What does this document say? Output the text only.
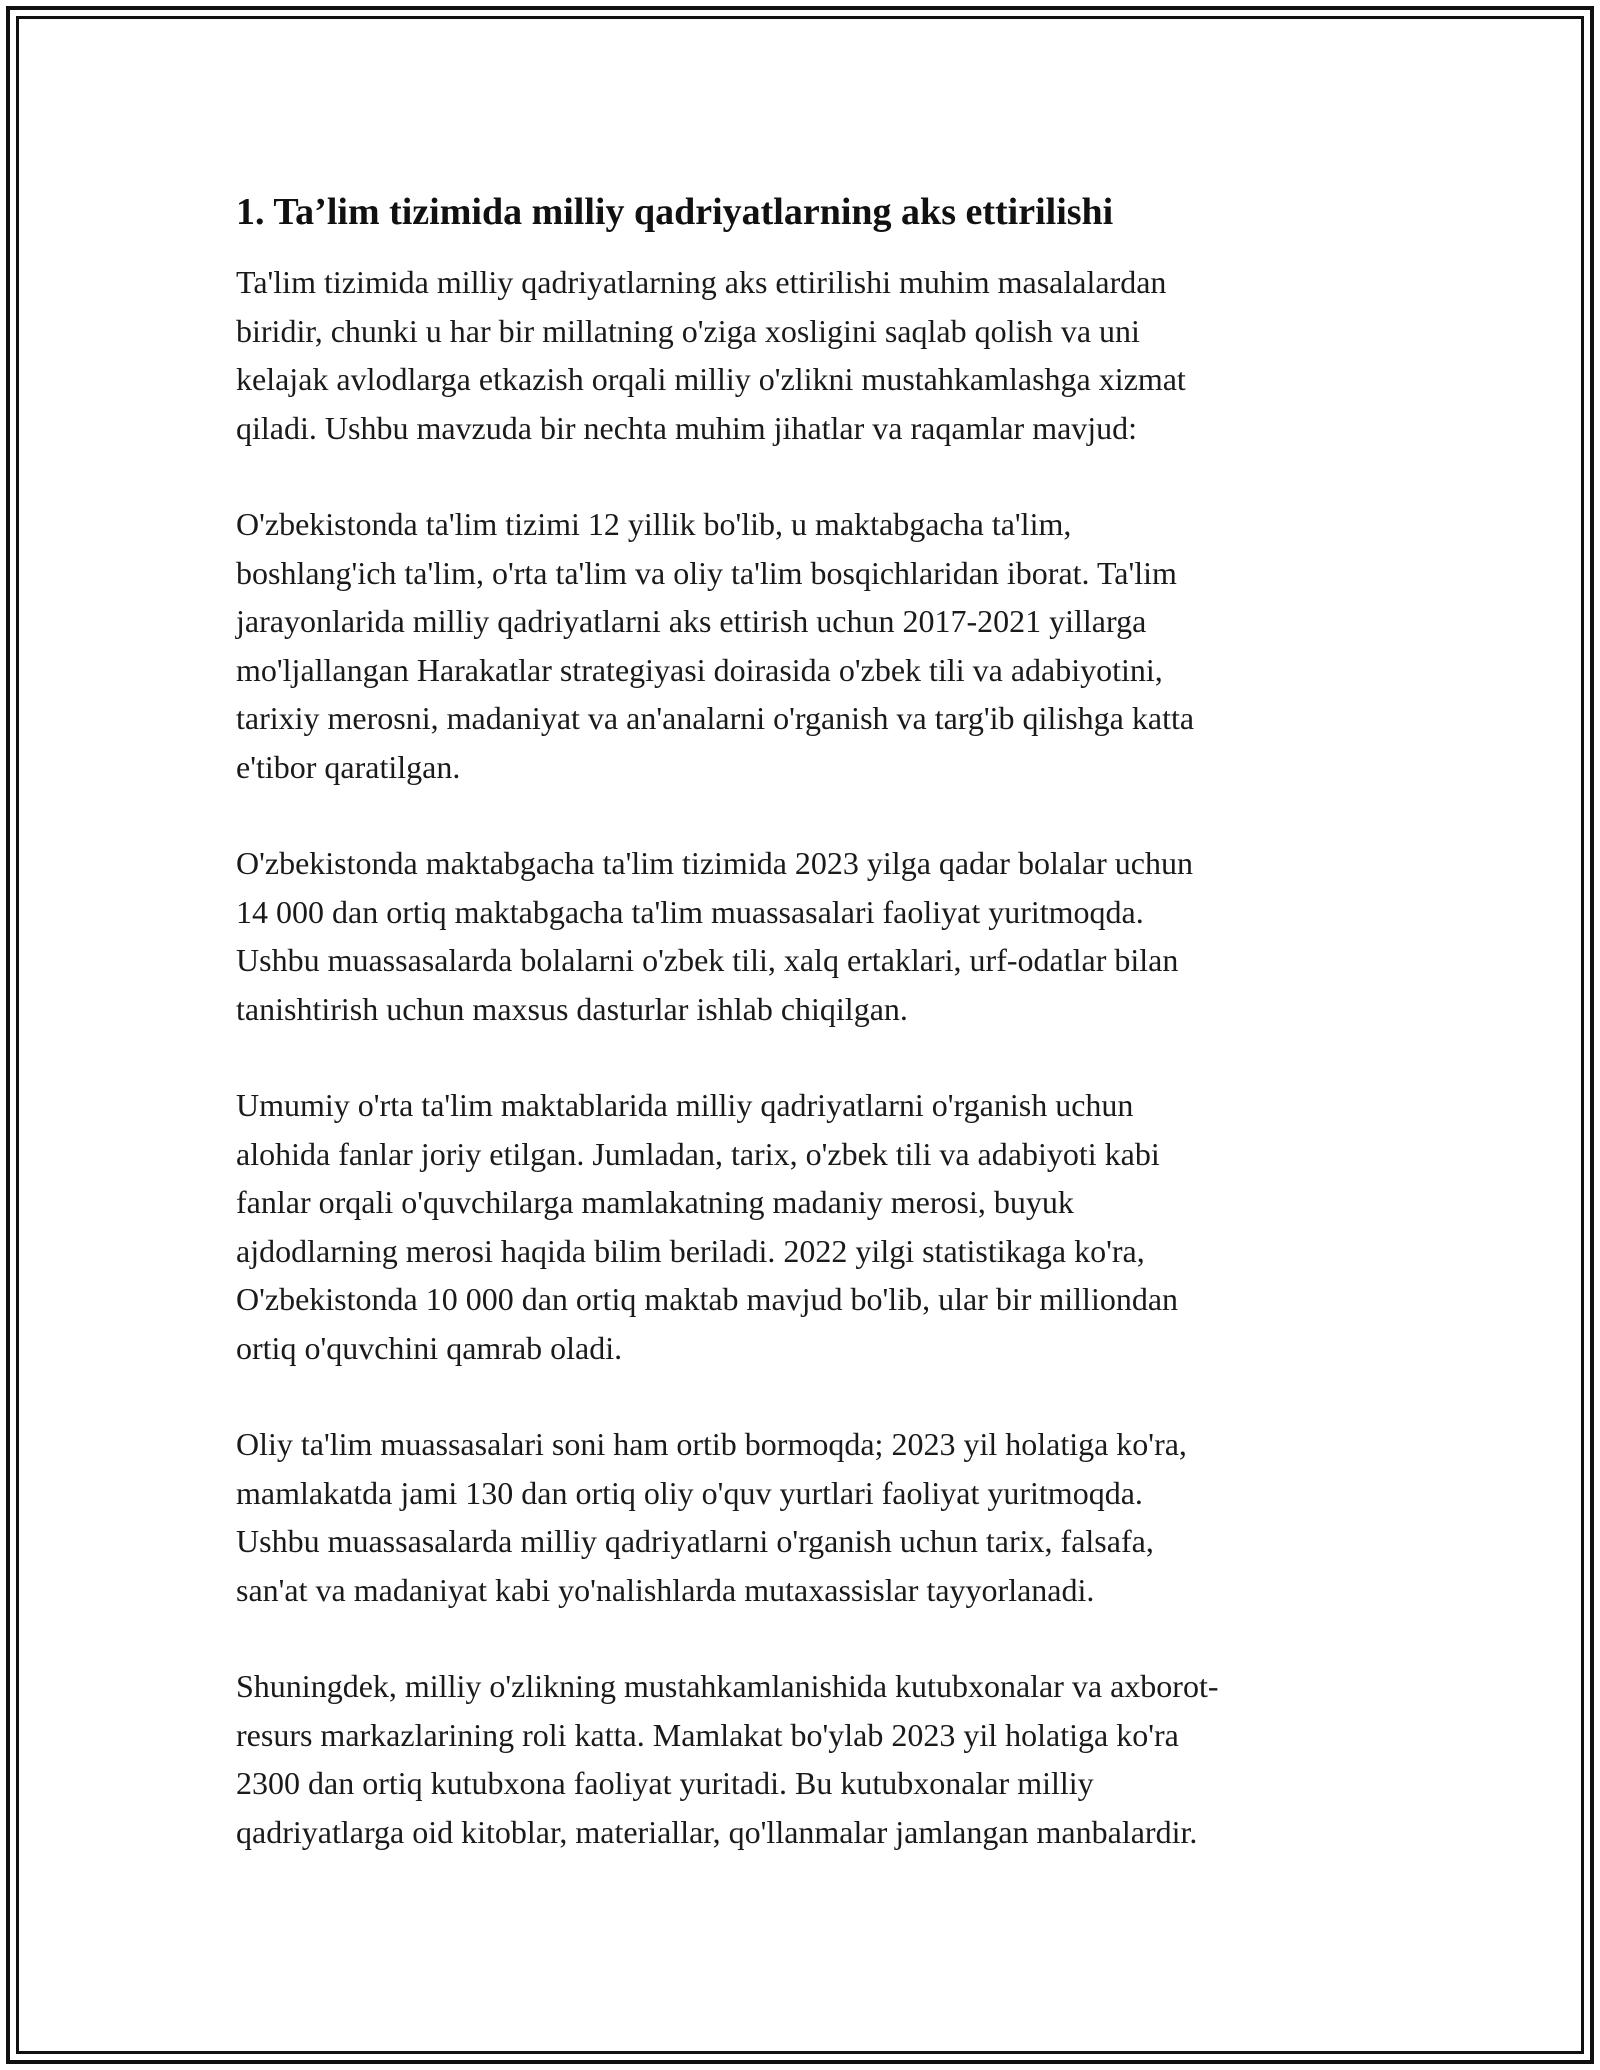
1. Ta’lim tizimida milliy qadriyatlarning aks ettirilishi

Ta'lim tizimida milliy qadriyatlarning aks ettirilishi muhim masalalardan
biridir, chunki u har bir millatning o'ziga xosligini saqlab qolish va uni
kelajak avlodlarga etkazish orqali milliy o'zlikni mustahkamlashga xizmat
qiladi. Ushbu mavzuda bir nechta muhim jihatlar va raqamlar mavjud:

O'zbekistonda ta'lim tizimi 12 yillik bo'lib, u maktabgacha ta'lim,
boshlang'ich ta'lim, o'rta ta'lim va oliy ta'lim bosqichlaridan iborat. Ta'lim
jarayonlarida milliy qadriyatlarni aks ettirish uchun 2017-2021 yillarga
mo'ljallangan Harakatlar strategiyasi doirasida o'zbek tili va adabiyotini,
tarixiy merosni, madaniyat va an'analarni o'rganish va targ'ib qilishga katta
e'tibor qaratilgan.

O'zbekistonda maktabgacha ta'lim tizimida 2023 yilga qadar bolalar uchun
14 000 dan ortiq maktabgacha ta'lim muassasalari faoliyat yuritmoqda.
Ushbu muassasalarda bolalarni o'zbek tili, xalq ertaklari, urf-odatlar bilan
tanishtirish uchun maxsus dasturlar ishlab chiqilgan.

Umumiy o'rta ta'lim maktablarida milliy qadriyatlarni o'rganish uchun
alohida fanlar joriy etilgan. Jumladan, tarix, o'zbek tili va adabiyoti kabi
fanlar orqali o'quvchilarga mamlakatning madaniy merosi, buyuk
ajdodlarning merosi haqida bilim beriladi. 2022 yilgi statistikaga ko'ra,
O'zbekistonda 10 000 dan ortiq maktab mavjud bo'lib, ular bir milliondan
ortiq o'quvchini qamrab oladi.

Oliy ta'lim muassasalari soni ham ortib bormoqda; 2023 yil holatiga ko'ra,
mamlakatda jami 130 dan ortiq oliy o'quv yurtlari faoliyat yuritmoqda.
Ushbu muassasalarda milliy qadriyatlarni o'rganish uchun tarix, falsafa,
san'at va madaniyat kabi yo'nalishlarda mutaxassislar tayyorlanadi.

Shuningdek, milliy o'zlikning mustahkamlanishida kutubxonalar va axborot-
resurs markazlarining roli katta. Mamlakat bo'ylab 2023 yil holatiga ko'ra
2300 dan ortiq kutubxona faoliyat yuritadi. Bu kutubxonalar milliy
qadriyatlarga oid kitoblar, materiallar, qo'llanmalar jamlangan manbalardir.
